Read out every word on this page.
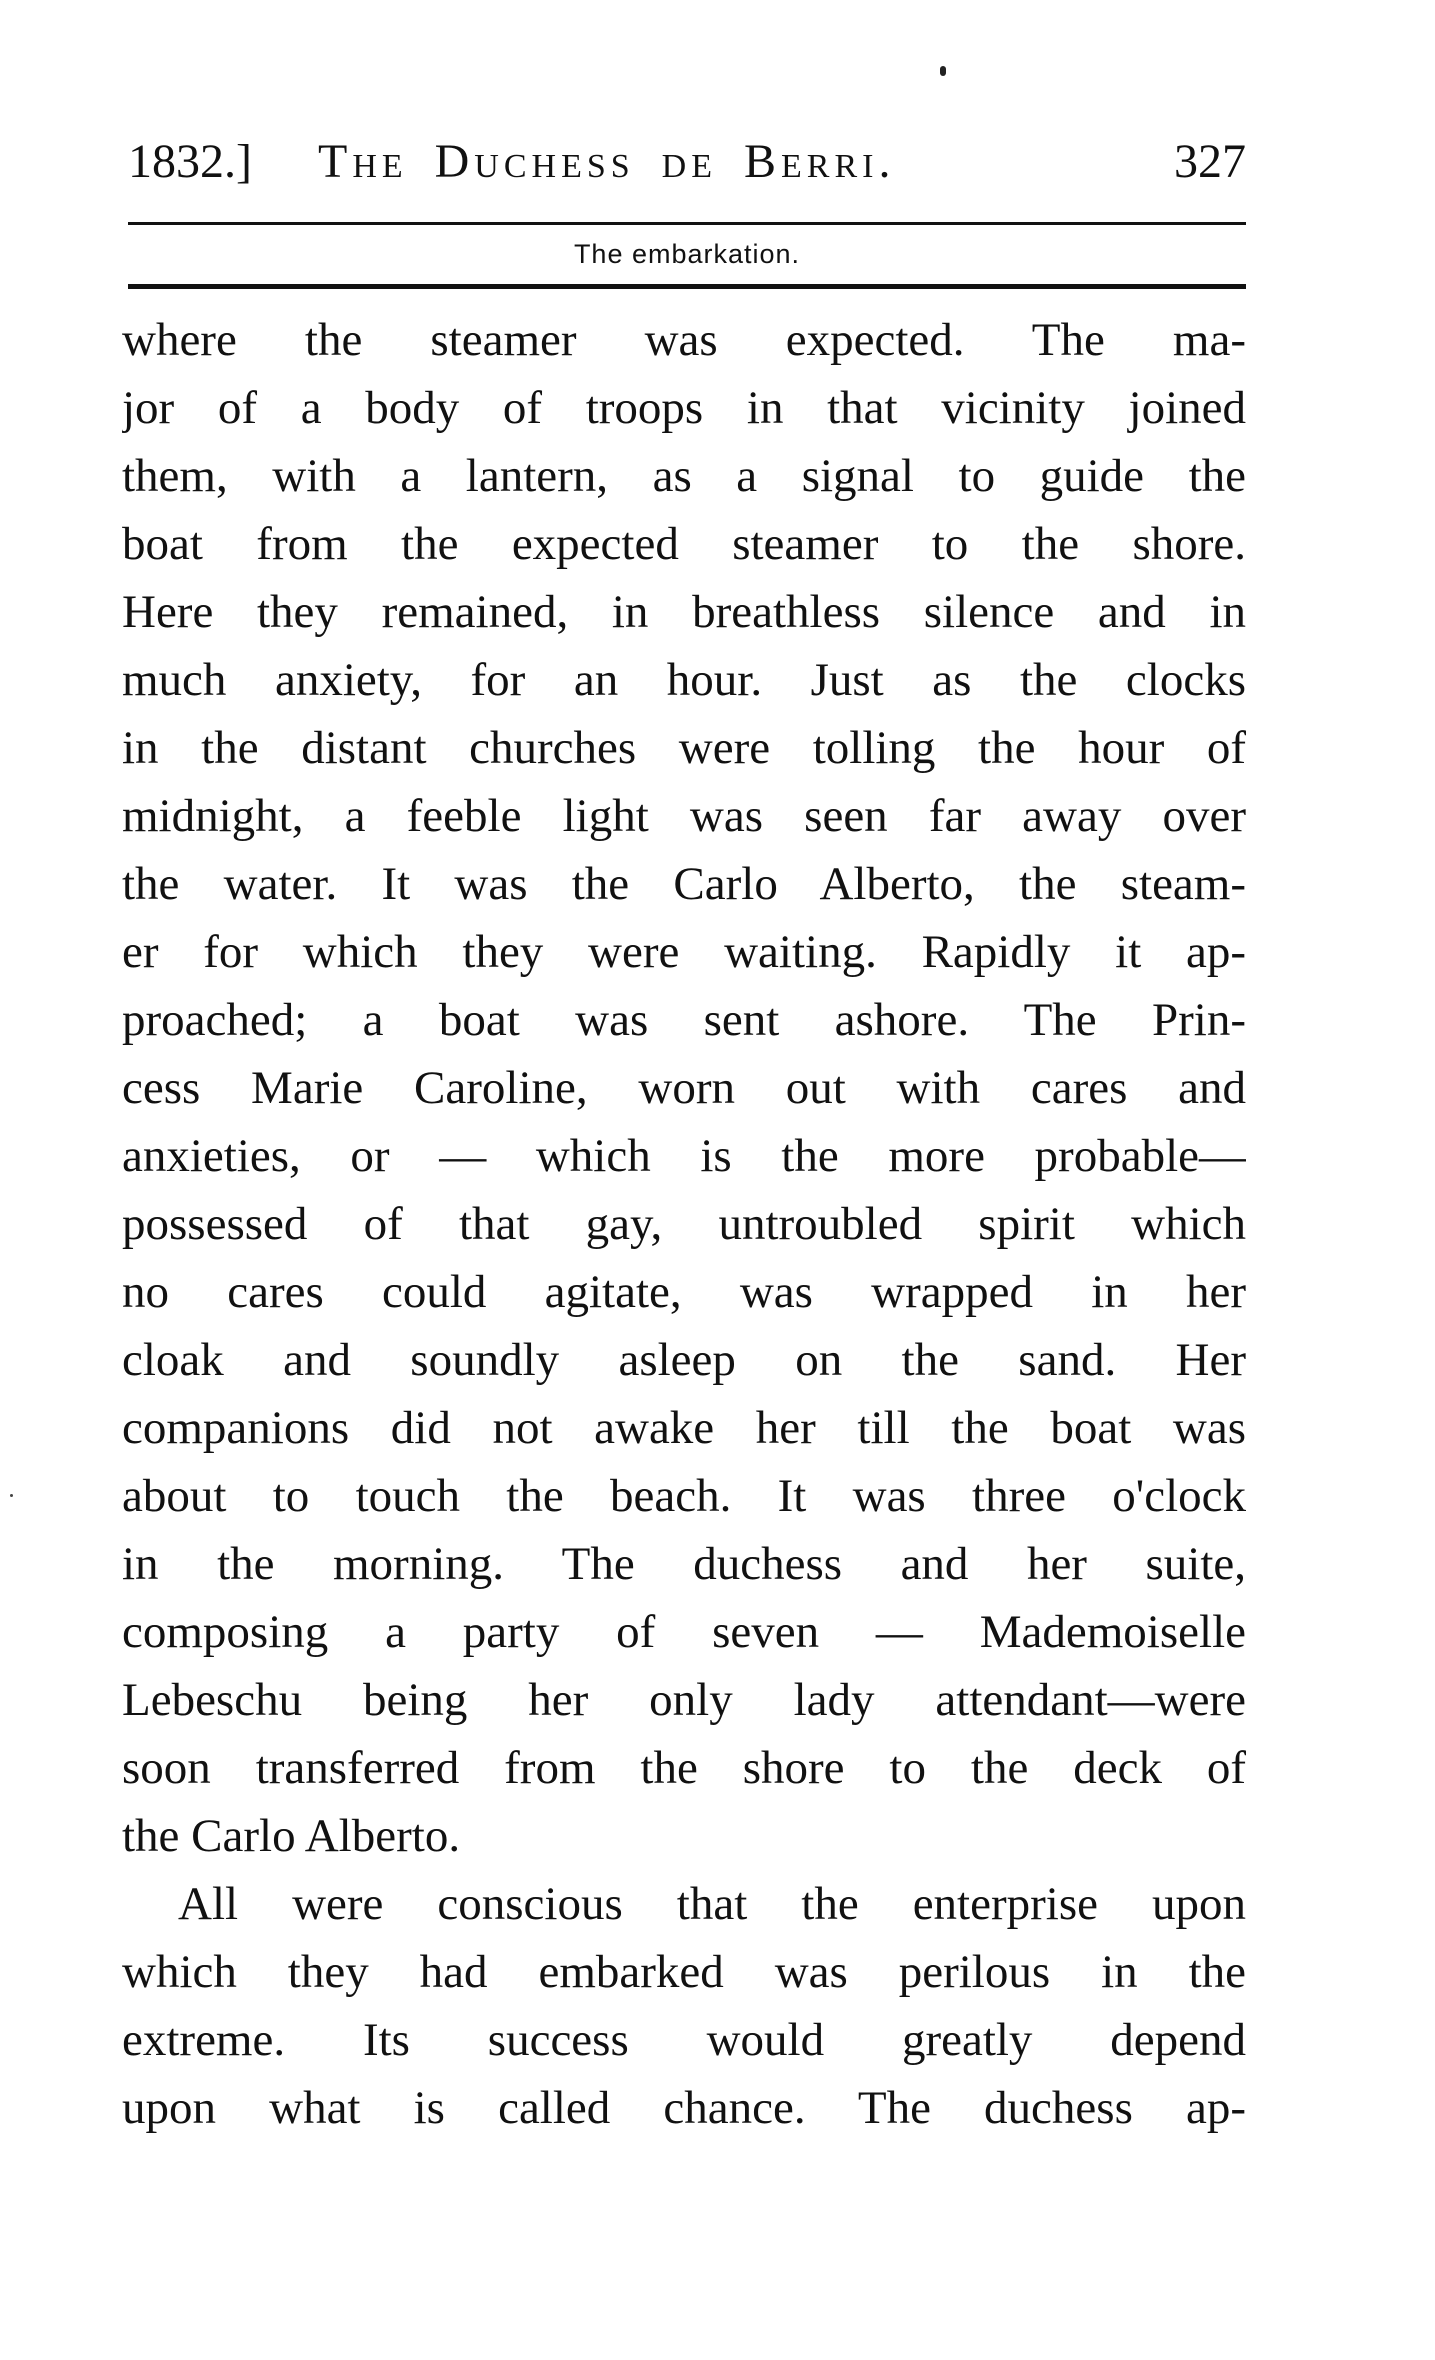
1832.] The Duchess de Berri.	327
The embarkation.
where the steamer was expected. The ma-
jor of a body of troops in that vicinity joined
them, with a lantern, as a signal to guide the
boat from the expected steamer to the shore.
Here they remained, in breathless silence and in
much anxiety, for an hour. Just as the clocks
in the distant churches were tolling the hour of
midnight, a feeble light was seen far away over
the water. It was the Carlo Alberto, the steam-
er for which they were waiting. Rapidly it ap-
proached; a boat was sent ashore. The Prin-
cess Marie Caroline, worn out with cares and
anxieties, or — which is the more probable—
possessed of that gay, untroubled spirit which
no cares could agitate, was wrapped in her
cloak and soundly asleep on the sand. Her
companions did not awake her till the boat was
about to touch the beach. It was three o'clock
in the morning. The duchess and her suite,
composing a party of seven — Mademoiselle
Lebeschu being her only lady attendant—were
soon transferred from the shore to the deck of
the Carlo Alberto.
All were conscious that the enterprise upon
which they had embarked was perilous in the
extreme. Its success would greatly depend
upon what is called chance. The duchess ap-
